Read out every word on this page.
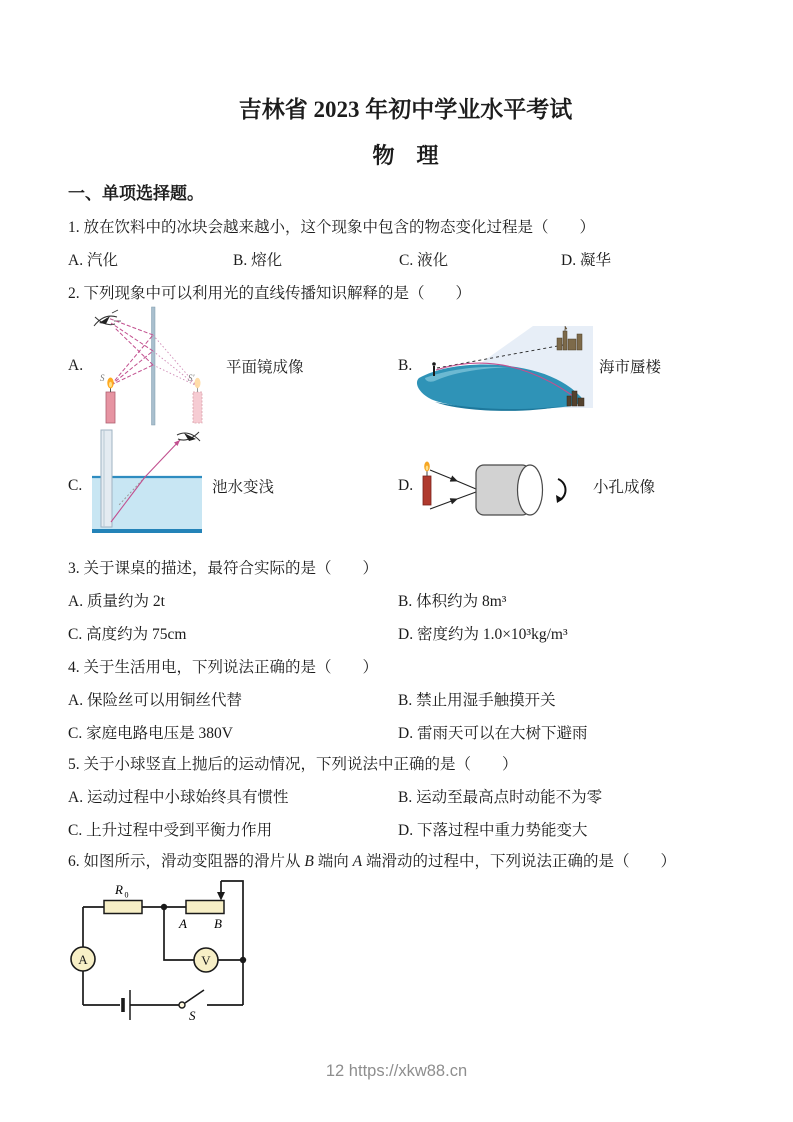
吉林省 2023 年初中学业水平考试
物　理
一、单项选择题。

1. 放在饮料中的冰块会越来越小，这个现象中包含的物态变化过程是（　　）

A. 汽化	B. 熔化	C. 液化	D. 凝华

2. 下列现象中可以利用光的直线传播知识解释的是（　　）

A.
S	S′
平面镜成像	B.	海市蜃楼
C.	池水变浅	D.	小孔成像

3. 关于课桌的描述，最符合实际的是（　　）

A. 质量约为 2t	B. 体积约为 8m³
C. 高度约为 75cm	D. 密度约为 1.0×10³kg/m³

4. 关于生活用电，下列说法正确的是（　　）

A. 保险丝可以用铜丝代替	B. 禁止用湿手触摸开关
C. 家庭电路电压是 380V	D. 雷雨天可以在大树下避雨

5. 关于小球竖直上抛后的运动情况，下列说法中正确的是（　　）

A. 运动过程中小球始终具有惯性	B. 运动至最高点时动能不为零
C. 上升过程中受到平衡力作用	D. 下落过程中重力势能变大

6. 如图所示，滑动变阻器的滑片从 B 端向 A 端滑动的过程中，下列说法正确的是（　　）

R 0
A B
A	V
S
12 https://xkw88.cn
